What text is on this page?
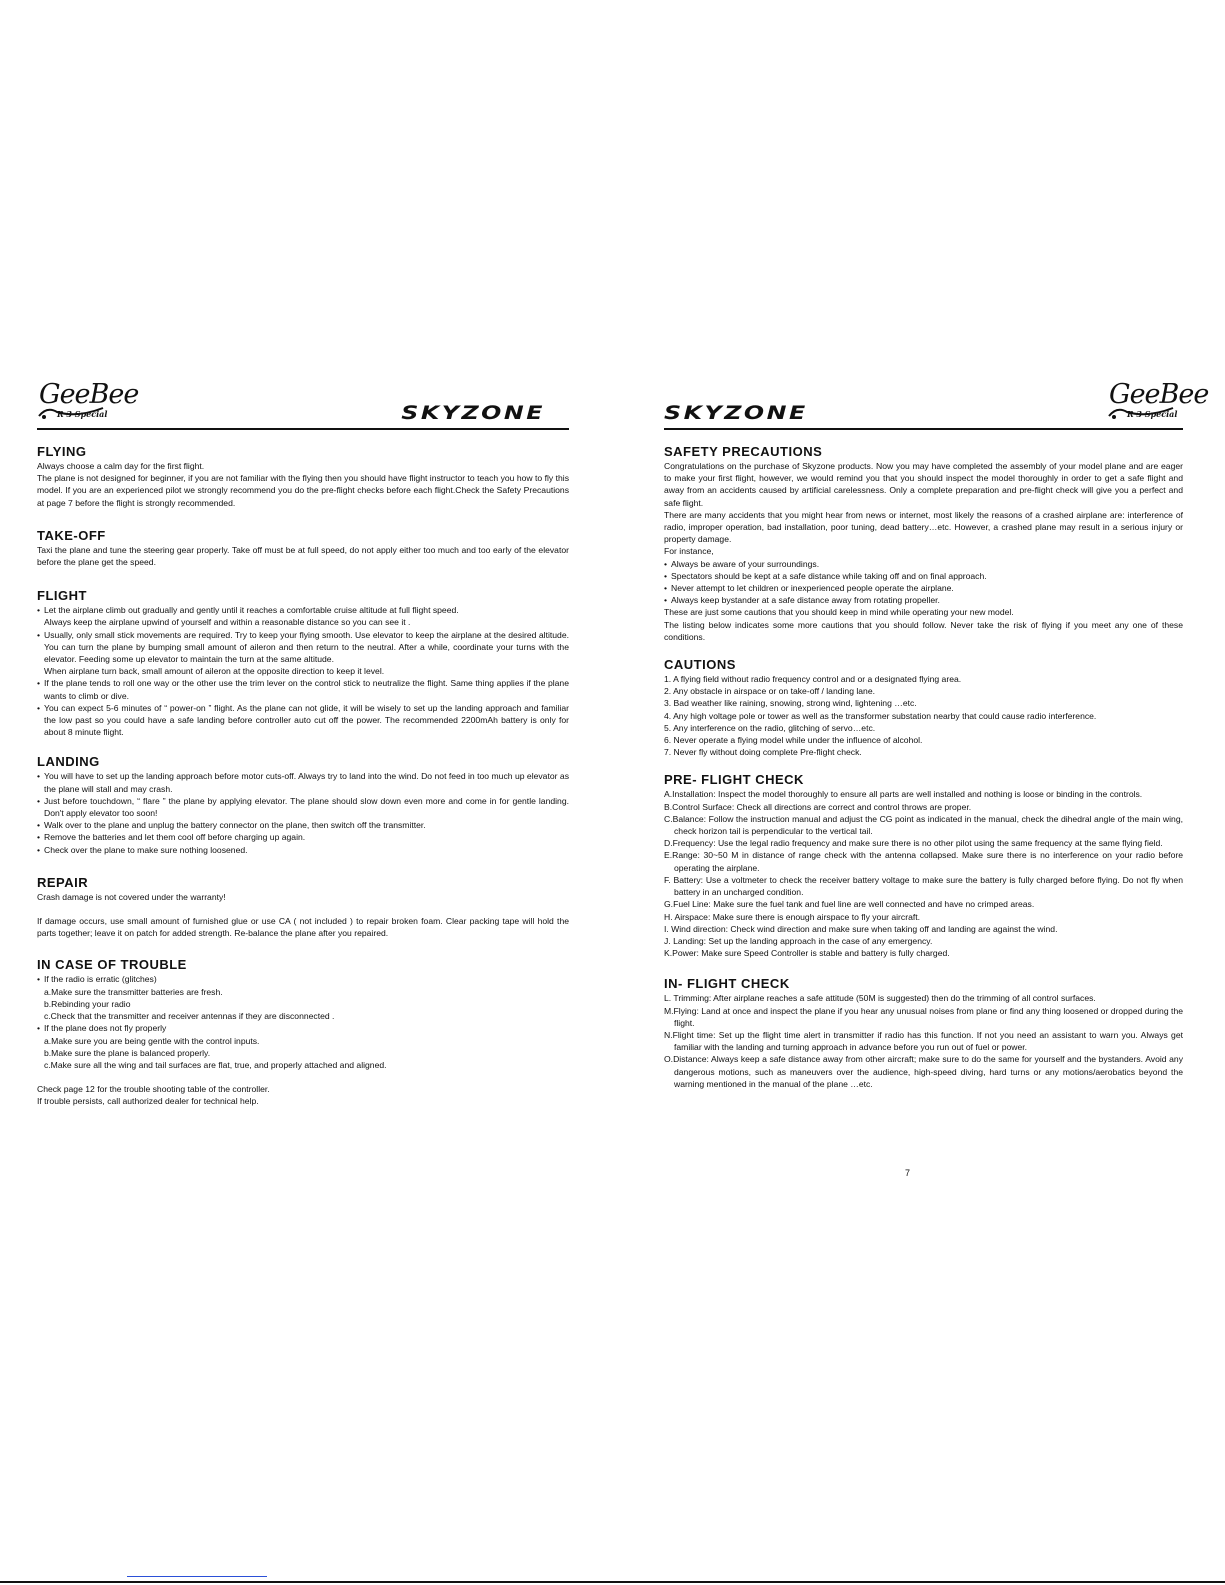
GeeBee
R 3 Special	SKYZONE
FLYING

Always choose a calm day for the first flight.

The plane is not designed for beginner, if you are not familiar with the flying then you should have flight instructor to teach you how to fly this model. If you are an experienced pilot we strongly recommend you do the pre-flight checks before each flight.Check the Safety Precautions at page 7 before the flight is strongly recommended.

TAKE-OFF

Taxi the plane and tune the steering gear properly. Take off must be at full speed, do not apply either too much and too early of the elevator before the plane get the speed.

FLIGHT

• Let the airplane climb out gradually and gently until it reaches a comfortable cruise altitude at full flight speed.

Always keep the airplane upwind of yourself and within a reasonable distance so you can see it .

• Usually, only small stick movements are required. Try to keep your flying smooth. Use elevator to keep the airplane at the desired altitude. You can turn the plane by bumping small amount of aileron and then return to the neutral. After a while, coordinate your turns with the elevator. Feeding some up elevator to maintain the turn at the same altitude.

When airplane turn back, small amount of aileron at the opposite direction to keep it level.

• If the plane tends to roll one way or the other use the trim lever on the control stick to neutralize the flight. Same thing applies if the plane wants to climb or dive.

• You can expect 5-6 minutes of “ power-on ” flight. As the plane can not glide, it will be wisely to set up the landing approach and familiar the low past so you could have a safe landing before controller auto cut off the power. The recommended 2200mAh battery is only for about 8 minute flight.

LANDING

• You will have to set up the landing approach before motor cuts-off. Always try to land into the wind. Do not feed in too much up elevator as the plane will stall and may crash.

• Just before touchdown, “ flare ” the plane by applying elevator. The plane should slow down even more and come in for gentle landing. Don't apply elevator too soon!

• Walk over to the plane and unplug the battery connector on the plane, then switch off the transmitter.

• Remove the batteries and let them cool off before charging up again.

• Check over the plane to make sure nothing loosened.

REPAIR

Crash damage is not covered under the warranty!

If damage occurs, use small amount of furnished glue or use CA ( not included ) to repair broken foam. Clear packing tape will hold the parts together; leave it on patch for added strength. Re-balance the plane after you repaired.

IN CASE OF TROUBLE

• If the radio is erratic (glitches)

a.Make sure the transmitter batteries are fresh.

b.Rebinding your radio

c.Check that the transmitter and receiver antennas if they are disconnected .

• If the plane does not fly properly

a.Make sure you are being gentle with the control inputs.

b.Make sure the plane is balanced properly.

c.Make sure all the wing and tail surfaces are flat, true, and properly attached and aligned.

Check page 12 for the trouble shooting table of the controller.

If trouble persists, call authorized dealer for technical help.

SKYZONE
GeeBee
R 3 Special
SAFETY PRECAUTIONS

Congratulations on the purchase of Skyzone products. Now you may have completed the assembly of your model plane and are eager to make your first flight, however, we would remind you that you should inspect the model thoroughly in order to get a safe flight and away from an accidents caused by artificial carelessness. Only a complete preparation and pre-flight check will give you a perfect and safe flight.

There are many accidents that you might hear from news or internet, most likely the reasons of a crashed airplane are: interference of radio, improper operation, bad installation, poor tuning, dead battery…etc. However, a crashed plane may result in a serious injury or property damage.

For instance,

• Always be aware of your surroundings.

• Spectators should be kept at a safe distance while taking off and on final approach.

• Never attempt to let children or inexperienced people operate the airplane.

• Always keep bystander at a safe distance away from rotating propeller.

These are just some cautions that you should keep in mind while operating your new model.

The listing below indicates some more cautions that you should follow. Never take the risk of flying if you meet any one of these conditions.

CAUTIONS

1. A flying field without radio frequency control and or a designated flying area.

2. Any obstacle in airspace or on take-off / landing lane.

3. Bad weather like raining, snowing, strong wind, lightening …etc.

4. Any high voltage pole or tower as well as the transformer substation nearby that could cause radio interference.

5. Any interference on the radio, glitching of servo…etc.

6. Never operate a flying model while under the influence of alcohol.

7. Never fly without doing complete Pre-flight check.

PRE- FLIGHT CHECK

A.Installation: Inspect the model thoroughly to ensure all parts are well installed and nothing is loose or binding in the controls.

B.Control Surface: Check all directions are correct and control throws are proper.

C.Balance: Follow the instruction manual and adjust the CG point as indicated in the manual, check the dihedral angle of the main wing, check horizon tail is perpendicular to the vertical tail.

D.Frequency: Use the legal radio frequency and make sure there is no other pilot using the same frequency at the same flying field.

E.Range: 30~50 M in distance of range check with the antenna collapsed. Make sure there is no interference on your radio before operating the airplane.

F. Battery: Use a voltmeter to check the receiver battery voltage to make sure the battery is fully charged before flying. Do not fly when battery in an uncharged condition.

G.Fuel Line: Make sure the fuel tank and fuel line are well connected and have no crimped areas.

H. Airspace: Make sure there is enough airspace to fly your aircraft.

I. Wind direction: Check wind direction and make sure when taking off and landing are against the wind.

J. Landing: Set up the landing approach in the case of any emergency.

K.Power: Make sure Speed Controller is stable and battery is fully charged.

IN- FLIGHT CHECK

L. Trimming: After airplane reaches a safe attitude (50M is suggested) then do the trimming of all control surfaces.

M.Flying: Land at once and inspect the plane if you hear any unusual noises from plane or find any thing loosened or dropped during the flight.

N.Flight time: Set up the flight time alert in transmitter if radio has this function. If not you need an assistant to warn you. Always get familiar with the landing and turning approach in advance before you run out of fuel or power.

O.Distance: Always keep a safe distance away from other aircraft; make sure to do the same for yourself and the bystanders. Avoid any dangerous motions, such as maneuvers over the audience, high-speed diving, hard turns or any motions/aerobatics beyond the warning mentioned in the manual of the plane …etc.

7
